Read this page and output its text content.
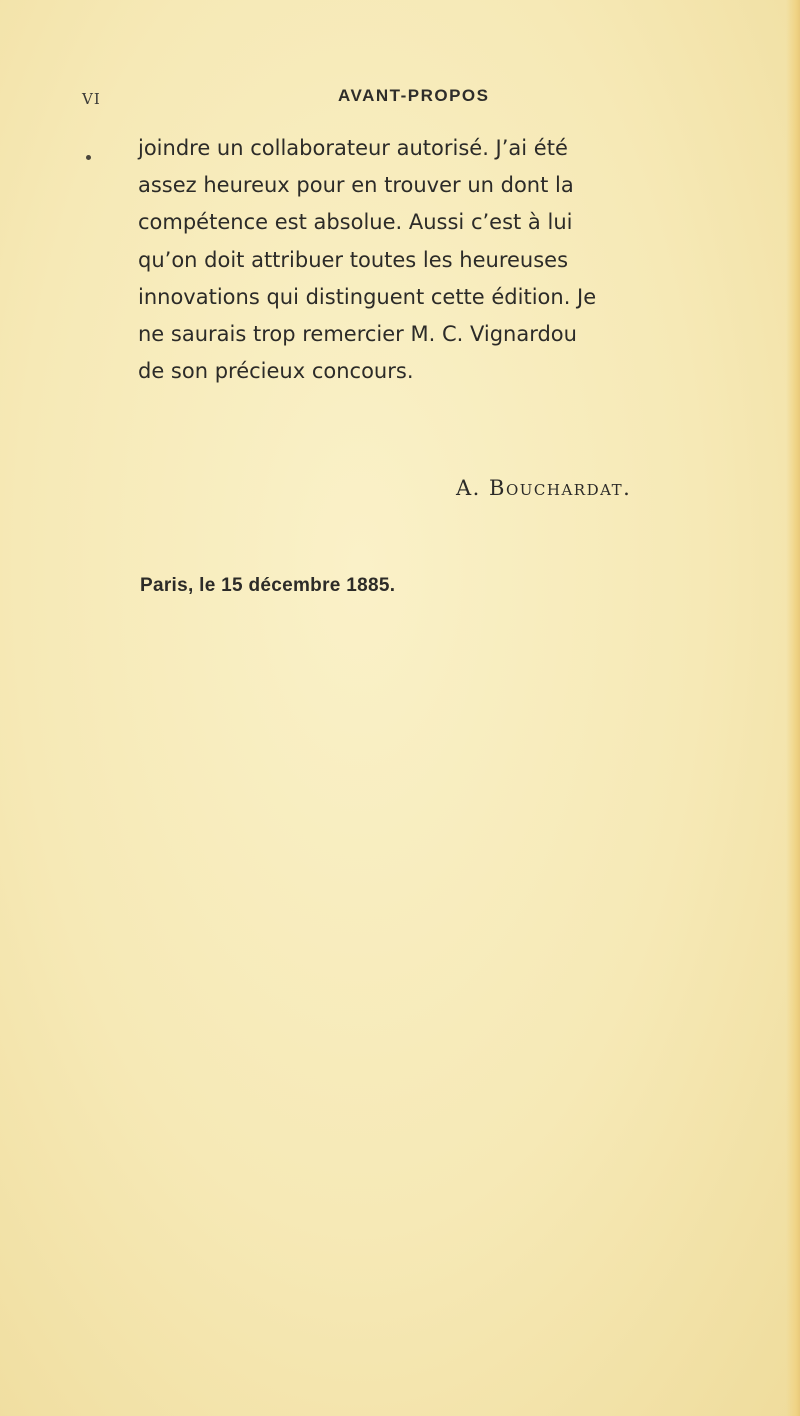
VI	AVANT-PROPOS
joindre un collaborateur autorisé. J’ai été
assez heureux pour en trouver un dont la
compétence est absolue. Aussi c’est à lui
qu’on doit attribuer toutes les heureuses
innovations qui distinguent cette édition. Je
ne saurais trop remercier M. C. Vignardou
de son précieux concours.
A. Bouchardat.
Paris, le 15 décembre 1885.
